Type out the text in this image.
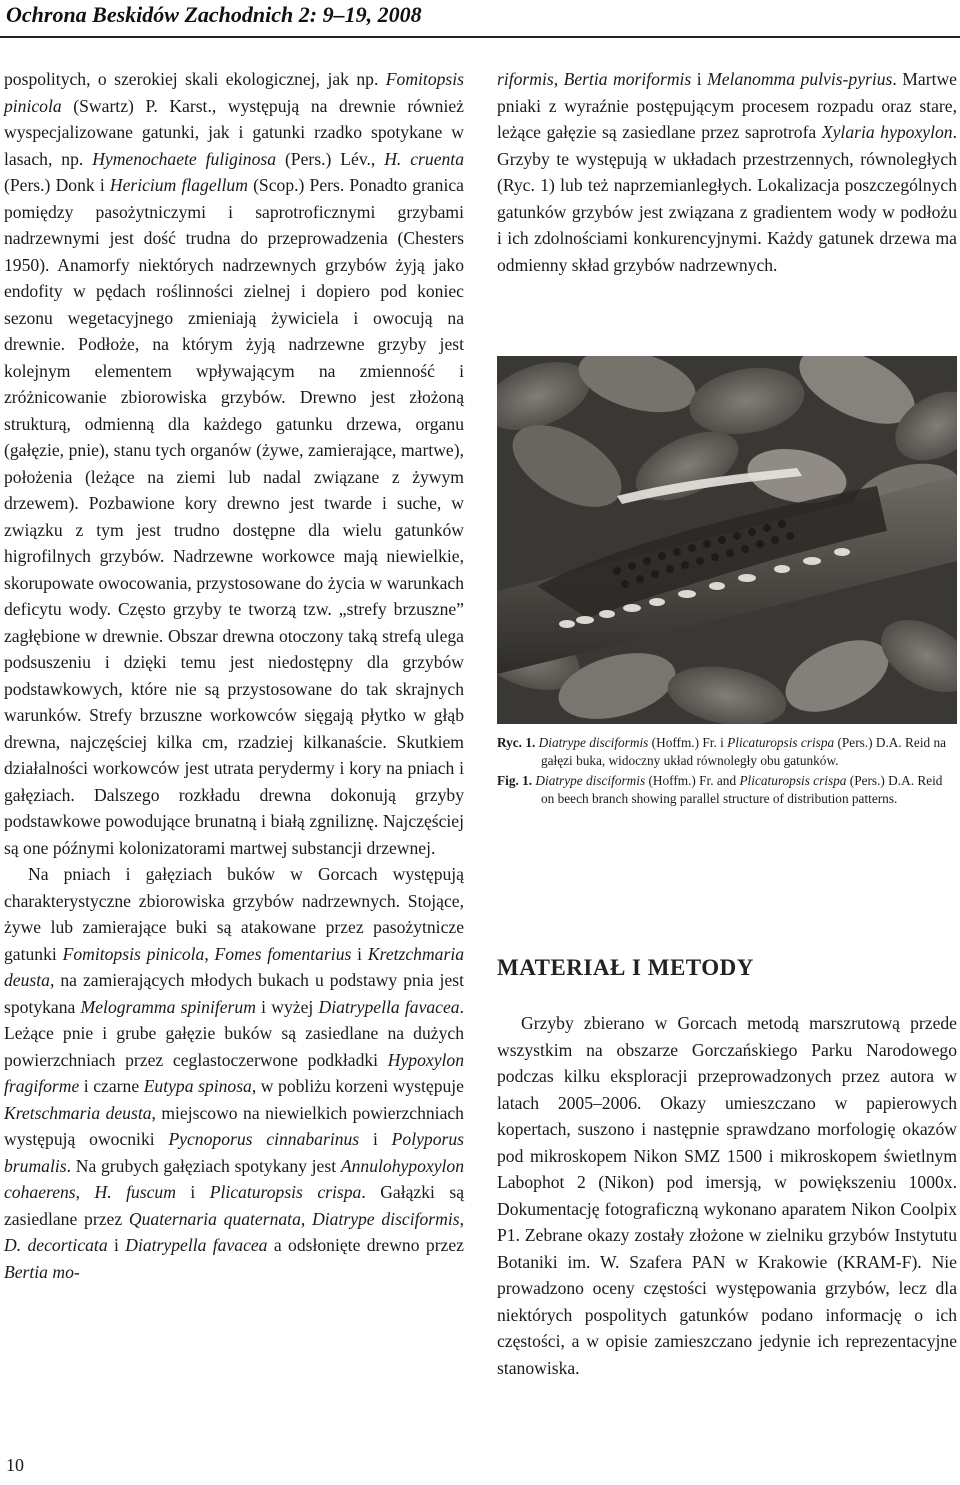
Ochrona Beskidów Zachodnich 2: 9–19, 2008

pospolitych, o szerokiej skali ekologicznej, jak np. Fomitopsis pinicola (Swartz) P. Karst., występują na drewnie również wyspecjalizowane gatunki, jak i gatunki rzadko spotykane w lasach, np. Hymenochaete fuliginosa (Pers.) Lév., H. cruenta (Pers.) Donk i Hericium flagellum (Scop.) Pers. Ponadto granica pomiędzy pasożytniczymi i saprotroficznymi grzybami nadrzewnymi jest dość trudna do przeprowadzenia (Chesters 1950). Anamorfy niektórych nadrzewnych grzybów żyją jako endofity w pędach roślinności zielnej i dopiero pod koniec sezonu wegetacyjnego zmieniają żywiciela i owocują na drewnie. Podłoże, na którym żyją nadrzewne grzyby jest kolejnym elementem wpływającym na zmienność i zróżnicowanie zbiorowiska grzybów. Drewno jest złożoną strukturą, odmienną dla każdego gatunku drzewa, organu (gałęzie, pnie), stanu tych organów (żywe, zamierające, martwe), położenia (leżące na ziemi lub nadal związane z żywym drzewem). Pozbawione kory drewno jest twarde i suche, w związku z tym jest trudno dostępne dla wielu gatunków higrofilnych grzybów. Nadrzewne workowce mają niewielkie, skorupowate owocowania, przystosowane do życia w warunkach deficytu wody. Często grzyby te tworzą tzw. „strefy brzuszne” zagłębione w drewnie. Obszar drewna otoczony taką strefą ulega podsuszeniu i dzięki temu jest niedostępny dla grzybów podstawkowych, które nie są przystosowane do tak skrajnych warunków. Strefy brzuszne workowców sięgają płytko w głąb drewna, najczęściej kilka cm, rzadziej kilkanaście. Skutkiem działalności workowców jest utrata perydermy i kory na pniach i gałęziach. Dalszego rozkładu drewna dokonują grzyby podstawkowe powodujące brunatną i białą zgniliznę. Najczęściej są one późnymi kolonizatorami martwej substancji drzewnej.

Na pniach i gałęziach buków w Gorcach występują charakterystyczne zbiorowiska grzybów nadrzewnych. Stojące, żywe lub zamierające buki są atakowane przez pasożytnicze gatunki Fomitopsis pinicola, Fomes fomentarius i Kretzchmaria deusta, na zamierających młodych bukach u podstawy pnia jest spotykana Melogramma spiniferum i wyżej Diatrypella favacea. Leżące pnie i grube gałęzie buków są zasiedlane na dużych powierzchniach przez ceglastoczerwone podkładki Hypoxylon fragiforme i czarne Eutypa spinosa, w pobliżu korzeni występuje Kretschmaria deusta, miejscowo na niewielkich powierzchniach występują owocniki Pycnoporus cinnabarinus i Polyporus brumalis. Na grubych gałęziach spotykany jest Annulohypoxylon cohaerens, H. fuscum i Plicaturopsis crispa. Gałązki są zasiedlane przez Quaternaria quaternata, Diatrype disciformis, D. decorticata i Diatrypella favacea a odsłonięte drewno przez Bertia mo-

riformis, Bertia moriformis i Melanomma pulvis-pyrius. Martwe pniaki z wyraźnie postępującym procesem rozpadu oraz stare, leżące gałęzie są zasiedlane przez saprotrofa Xylaria hypoxylon. Grzyby te występują w układach przestrzennych, równoległych (Ryc. 1) lub też naprzemianległych. Lokalizacja poszczególnych gatunków grzybów jest związana z gradientem wody w podłożu i ich zdolnościami konkurencyjnymi. Każdy gatunek drzewa ma odmienny skład grzybów nadrzewnych.

Ryc. 1. Diatrype disciformis (Hoffm.) Fr. i Plicaturopsis crispa (Pers.) D.A. Reid na gałęzi buka, widoczny układ równoległy obu gatunków.

Fig. 1. Diatrype disciformis (Hoffm.) Fr. and Plicaturopsis crispa (Pers.) D.A. Reid on beech branch showing parallel structure of distribution patterns.

MATERIAŁ I METODY

Grzyby zbierano w Gorcach metodą marszrutową przede wszystkim na obszarze Gorczańskiego Parku Narodowego podczas kilku eksploracji przeprowadzonych przez autora w latach 2005–2006. Okazy umieszczano w papierowych kopertach, suszono i następnie sprawdzano morfologię okazów pod mikroskopem Nikon SMZ 1500 i mikroskopem świetlnym Labophot 2 (Nikon) pod imersją, w powiększeniu 1000x. Dokumentację fotograficzną wykonano aparatem Nikon Coolpix P1. Zebrane okazy zostały złożone w zielniku grzybów Instytutu Botaniki im. W. Szafera PAN w Krakowie (KRAM-F). Nie prowadzono oceny częstości występowania grzybów, lecz dla niektórych pospolitych gatunków podano informację o ich częstości, a w opisie zamieszczano jedynie ich reprezentacyjne stanowiska.

10
